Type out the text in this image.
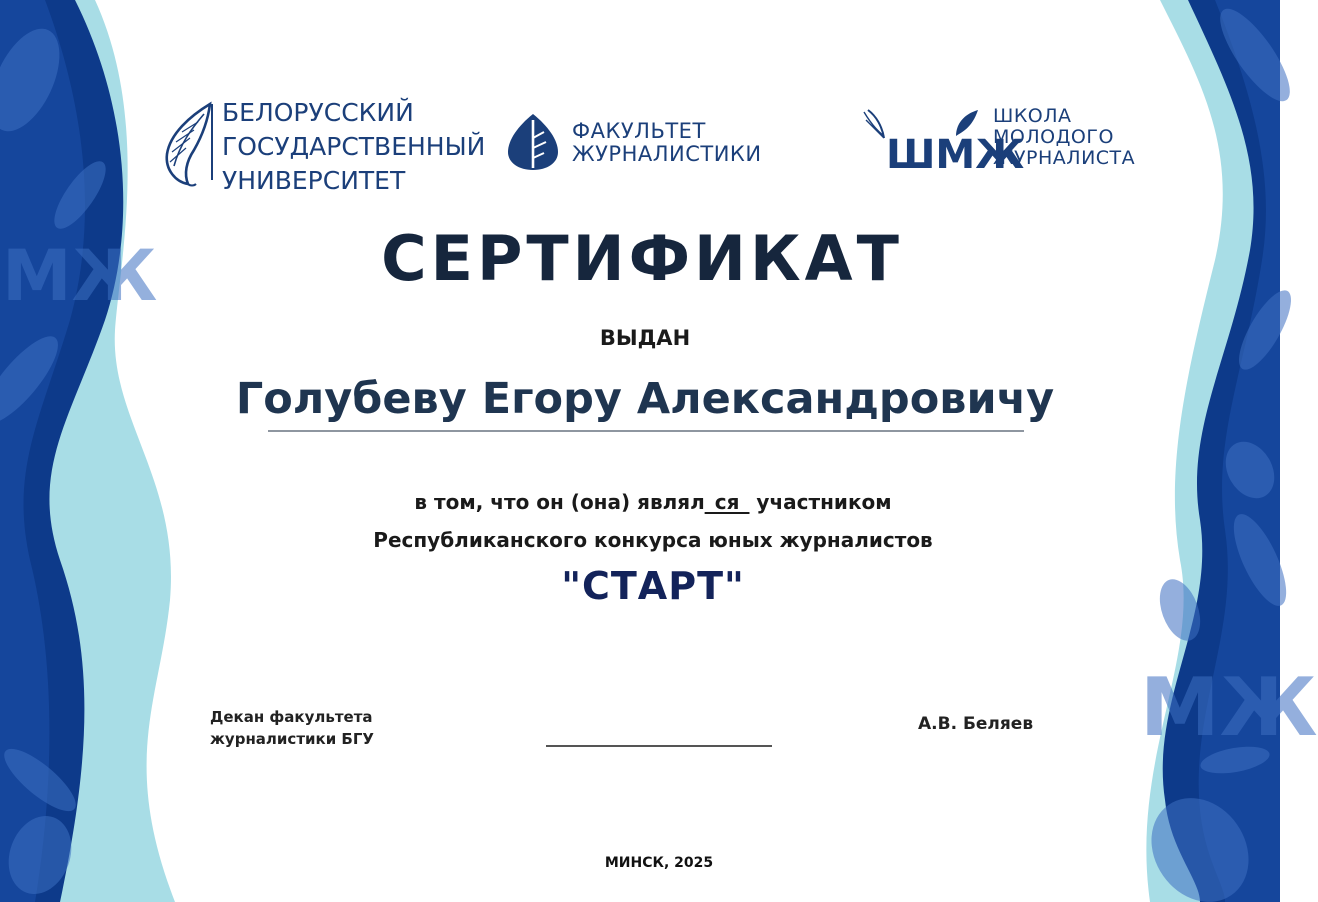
МЖ
МЖ
БЕЛОРУССКИЙ
ГОСУДАРСТВЕННЫЙ
УНИВЕРСИТЕТ
ФАКУЛЬТЕТ
ЖУРНАЛИСТИКИ	ШМЖ
ШКОЛА
МОЛОДОГО
ЖУРНАЛИСТА
СЕРТИФИКАТ
ВЫДАН
Голубеву Егору Александровичу
в том, что он (она) являл_ся_ участником
Республиканского конкурса юных журналистов
"СТАРТ"
Декан факультета
журналистики БГУ
А.В. Беляев
МИНСК, 2025
